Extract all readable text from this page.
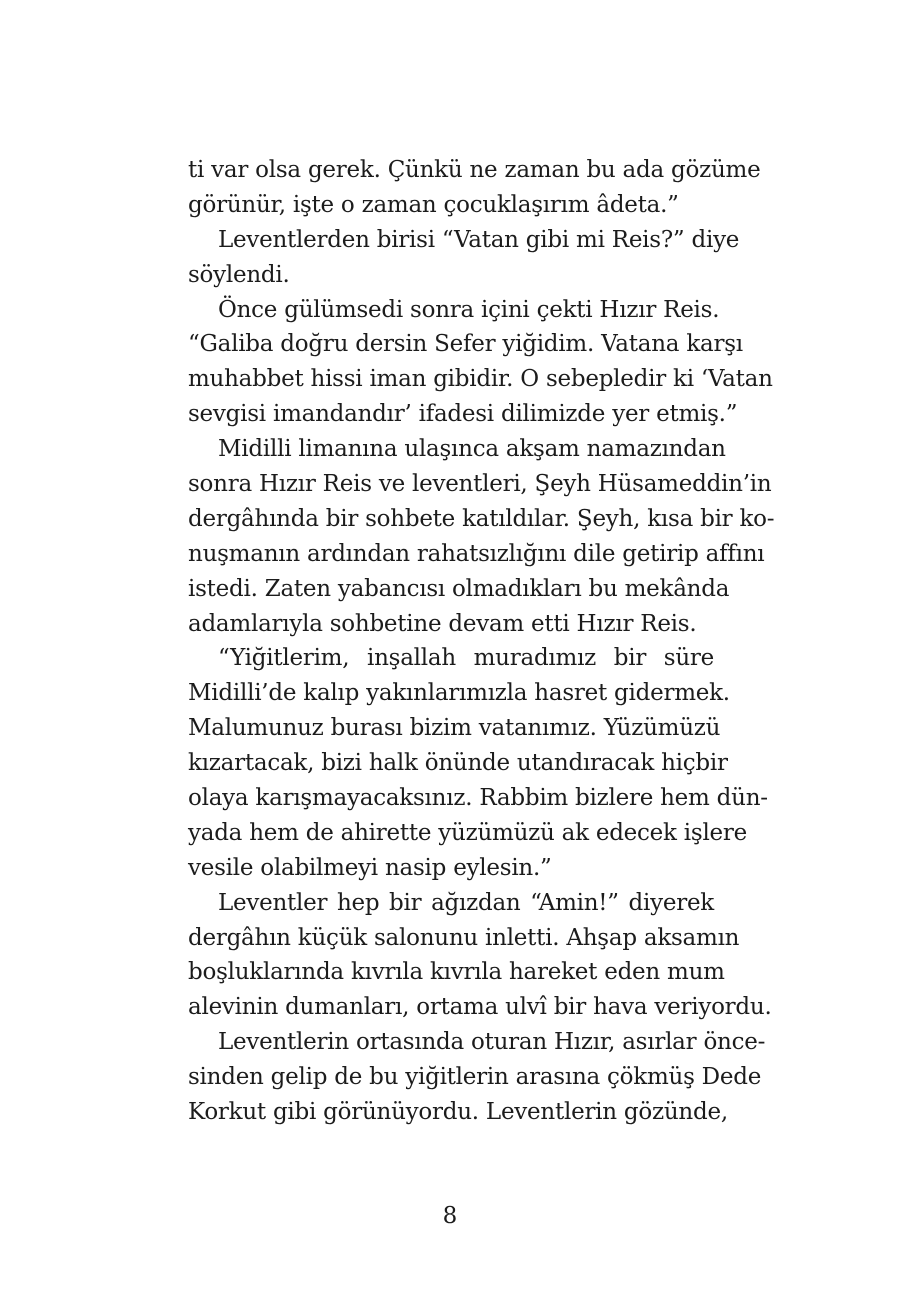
ti var olsa gerek. Çünkü ne zaman bu ada gözüme
görünür, işte o zaman çocuklaşırım âdeta.”
Leventlerden birisi “Vatan gibi mi Reis?” diye
söylendi.
Önce gülümsedi sonra içini çekti Hızır Reis.
“Galiba doğru dersin Sefer yiğidim. Vatana karşı
muhabbet hissi iman gibidir. O sebepledir ki ‘Vatan
sevgisi imandandır’ ifadesi dilimizde yer etmiş.”
Midilli limanına ulaşınca akşam namazından
sonra Hızır Reis ve leventleri, Şeyh Hüsameddin’in
dergâhında bir sohbete katıldılar. Şeyh, kısa bir ko-
nuşmanın ardından rahatsızlığını dile getirip affını
istedi. Zaten yabancısı olmadıkları bu mekânda
adamlarıyla sohbetine devam etti Hızır Reis.
“Yiğitlerim, inşallah muradımız bir süre
Midilli’de kalıp yakınlarımızla hasret gidermek.
Malumunuz burası bizim vatanımız. Yüzümüzü
kızartacak, bizi halk önünde utandıracak hiçbir
olaya karışmayacaksınız. Rabbim bizlere hem dün-
yada hem de ahirette yüzümüzü ak edecek işlere
vesile olabilmeyi nasip eylesin.”
Leventler hep bir ağızdan “Amin!” diyerek
dergâhın küçük salonunu inletti. Ahşap aksamın
boşluklarında kıvrıla kıvrıla hareket eden mum
alevinin dumanları, ortama ulvî bir hava veriyordu.
Leventlerin ortasında oturan Hızır, asırlar önce-
sinden gelip de bu yiğitlerin arasına çökmüş Dede
Korkut gibi görünüyordu. Leventlerin gözünde,
8
